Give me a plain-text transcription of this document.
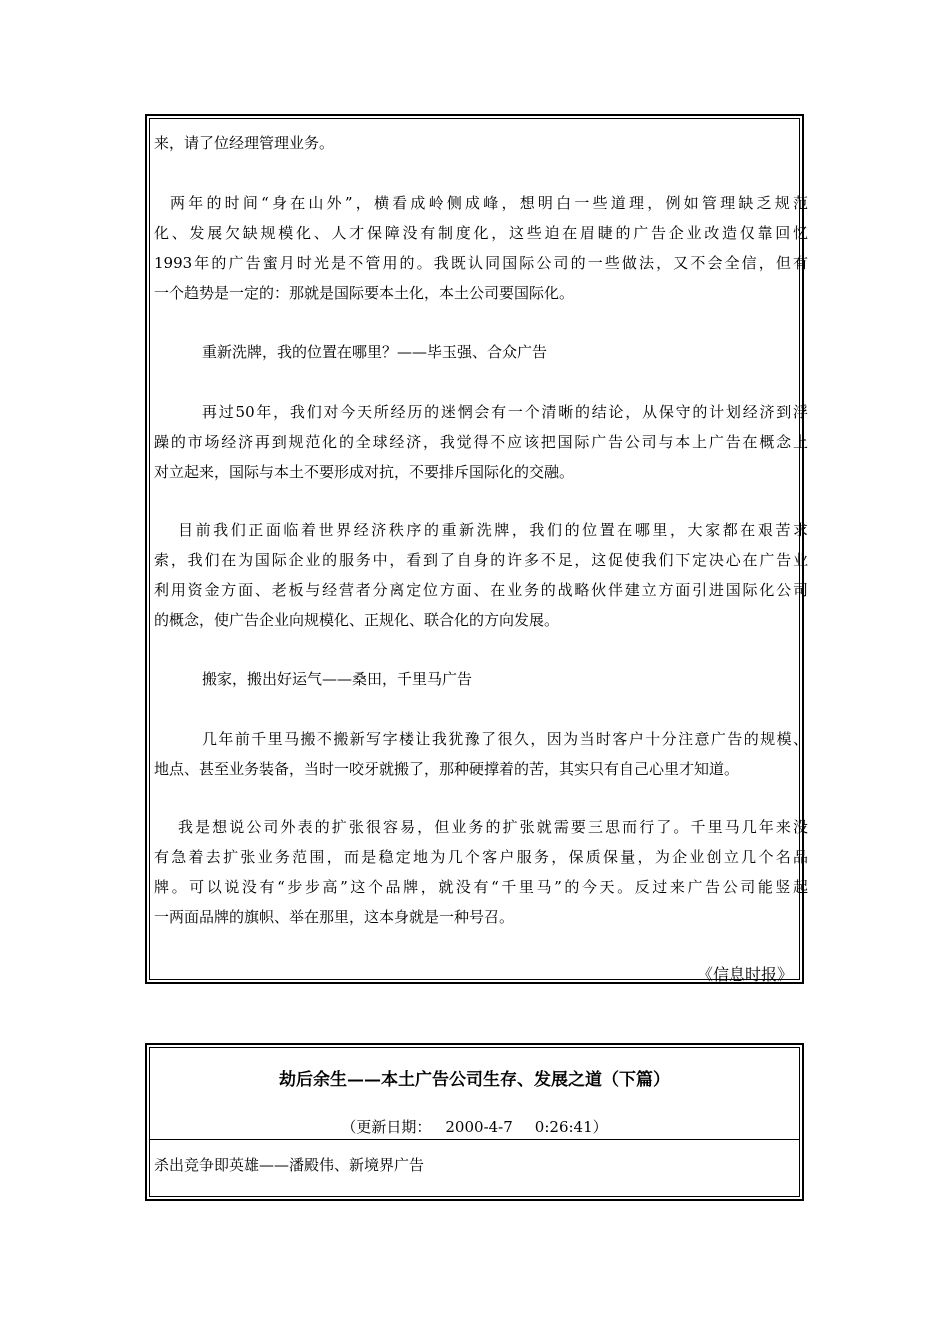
来，请了位经理管理业务。
两年的时间“身在山外”，横看成岭侧成峰，想明白一些道理，例如管理缺乏规范
化、发展欠缺规模化、人才保障没有制度化，这些迫在眉睫的广告企业改造仅靠回忆
1993年的广告蜜月时光是不管用的。我既认同国际公司的一些做法，又不会全信，但有
一个趋势是一定的：那就是国际要本土化，本土公司要国际化。
重新洗牌，我的位置在哪里？——毕玉强、合众广告
再过50年，我们对今天所经历的迷惘会有一个清晰的结论，从保守的计划经济到浮
躁的市场经济再到规范化的全球经济，我觉得不应该把国际广告公司与本上广告在概念上
对立起来，国际与本土不要形成对抗，不要排斥国际化的交融。
目前我们正面临着世界经济秩序的重新洗牌，我们的位置在哪里，大家都在艰苦求
索，我们在为国际企业的服务中，看到了自身的许多不足，这促使我们下定决心在广告业
利用资金方面、老板与经营者分离定位方面、在业务的战略伙伴建立方面引进国际化公司
的概念，使广告企业向规模化、正规化、联合化的方向发展。
搬家，搬出好运气——桑田，千里马广告
几年前千里马搬不搬新写字楼让我犹豫了很久，因为当时客户十分注意广告的规模、
地点、甚至业务装备，当时一咬牙就搬了，那种硬撑着的苦，其实只有自己心里才知道。
我是想说公司外表的扩张很容易，但业务的扩张就需要三思而行了。千里马几年来没
有急着去扩张业务范围，而是稳定地为几个客户服务，保质保量，为企业创立几个名品
牌。可以说没有“步步高”这个品牌，就没有“千里马”的今天。反过来广告公司能竖起
一两面品牌的旗帜、举在那里，这本身就是一种号召。
《信息时报》
劫后余生——本土广告公司生存、发展之道（下篇）
（更新日期： 2000-4-7 0:26:41）
杀出竞争即英雄——潘殿伟、新境界广告
